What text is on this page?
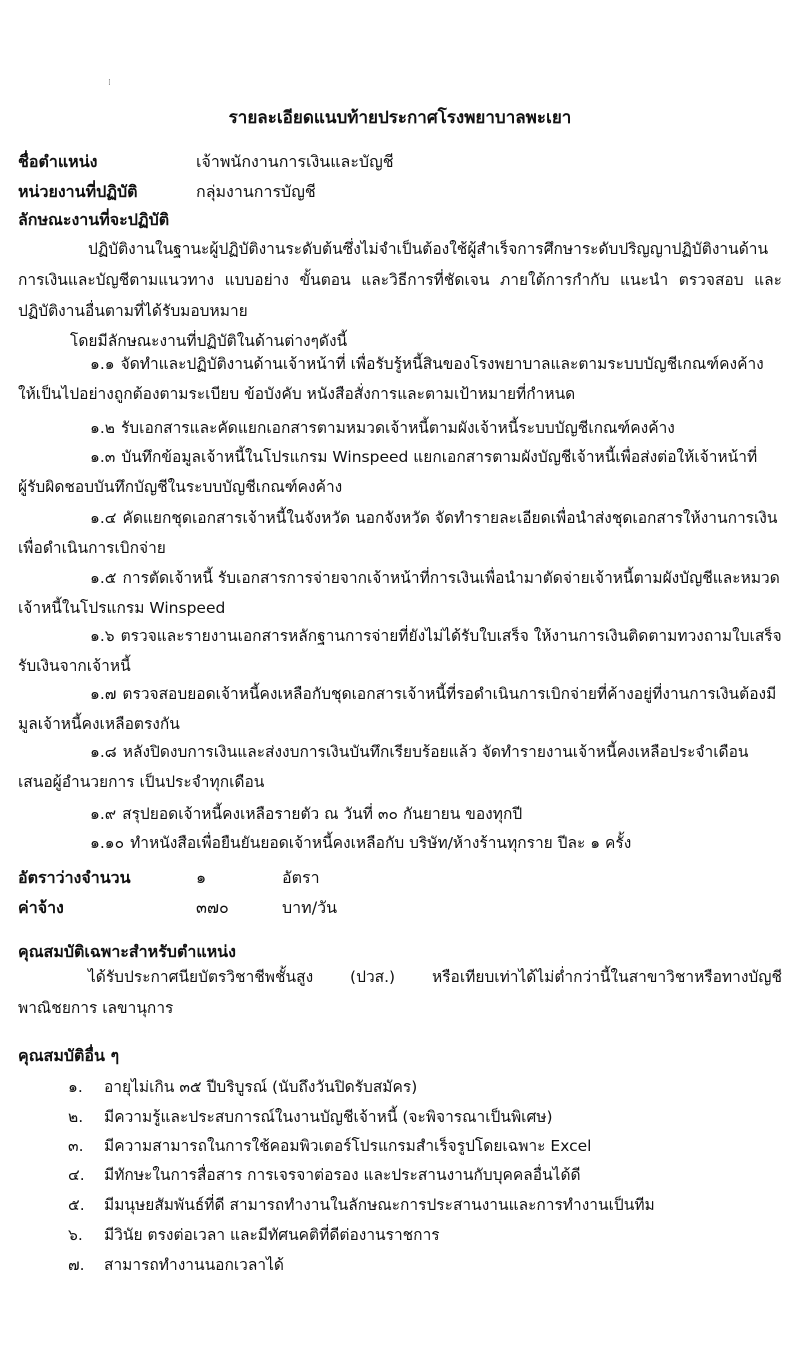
⁞
รายละเอียดแนบท้ายประกาศโรงพยาบาลพะเยา
ชื่อตำแหน่ง	เจ้าพนักงานการเงินและบัญชี
หน่วยงานที่ปฏิบัติ	กลุ่มงานการบัญชี
ลักษณะงานที่จะปฏิบัติ

ปฏิบัติงานในฐานะผู้ปฏิบัติงานระดับต้นซึ่งไม่จำเป็นต้องใช้ผู้สำเร็จการศึกษาระดับปริญญาปฏิบัติงานด้านการเงินและบัญชีตามแนวทาง แบบอย่าง ขั้นตอน และวิธีการที่ชัดเจน ภายใต้การกำกับ แนะนำ ตรวจสอบ และปฏิบัติงานอื่นตามที่ได้รับมอบหมาย

โดยมีลักษณะงานที่ปฏิบัติในด้านต่างๆดังนี้

๑.๑ จัดทำและปฏิบัติงานด้านเจ้าหน้าที่ เพื่อรับรู้หนี้สินของโรงพยาบาลและตามระบบบัญชีเกณฑ์คงค้าง ให้เป็นไปอย่างถูกต้องตามระเบียบ ข้อบังคับ หนังสือสั่งการและตามเป้าหมายที่กำหนด

๑.๒ รับเอกสารและคัดแยกเอกสารตามหมวดเจ้าหนี้ตามผังเจ้าหนี้ระบบบัญชีเกณฑ์คงค้าง

๑.๓ บันทึกข้อมูลเจ้าหนี้ในโปรแกรม Winspeed แยกเอกสารตามผังบัญชีเจ้าหนี้เพื่อส่งต่อให้เจ้าหน้าที่ผู้รับผิดชอบบันทึกบัญชีในระบบบัญชีเกณฑ์คงค้าง

๑.๔ คัดแยกชุดเอกสารเจ้าหนี้ในจังหวัด นอกจังหวัด จัดทำรายละเอียดเพื่อนำส่งชุดเอกสารให้งานการเงินเพื่อดำเนินการเบิกจ่าย

๑.๕ การตัดเจ้าหนี้ รับเอกสารการจ่ายจากเจ้าหน้าที่การเงินเพื่อนำมาตัดจ่ายเจ้าหนี้ตามผังบัญชีและหมวดเจ้าหนี้ในโปรแกรม Winspeed

๑.๖ ตรวจและรายงานเอกสารหลักฐานการจ่ายที่ยังไม่ได้รับใบเสร็จ ให้งานการเงินติดตามทวงถามใบเสร็จรับเงินจากเจ้าหนี้

๑.๗ ตรวจสอบยอดเจ้าหนี้คงเหลือกับชุดเอกสารเจ้าหนี้ที่รอดำเนินการเบิกจ่ายที่ค้างอยู่ที่งานการเงินต้องมีมูลเจ้าหนี้คงเหลือตรงกัน

๑.๘ หลังปิดงบการเงินและส่งงบการเงินบันทึกเรียบร้อยแล้ว จัดทำรายงานเจ้าหนี้คงเหลือประจำเดือนเสนอผู้อำนวยการ เป็นประจำทุกเดือน

๑.๙ สรุปยอดเจ้าหนี้คงเหลือรายตัว ณ วันที่ ๓๐ กันยายน ของทุกปี

๑.๑๐ ทำหนังสือเพื่อยืนยันยอดเจ้าหนี้คงเหลือกับ บริษัท/ห้างร้านทุกราย ปีละ ๑ ครั้ง

อัตราว่างจำนวน	๑	อัตรา
ค่าจ้าง	๓๗๐	บาท/วัน
คุณสมบัติเฉพาะสำหรับตำแหน่ง

ได้รับประกาศนียบัตรวิชาชีพชั้นสูง (ปวส.) หรือเทียบเท่าได้ไม่ต่ำกว่านี้ในสาขาวิชาหรือทางบัญชี พาณิชยการ เลขานุการ

คุณสมบัติอื่น ๆ
๑. อายุไม่เกิน ๓๕ ปีบริบูรณ์ (นับถึงวันปิดรับสมัคร)
๒. มีความรู้และประสบการณ์ในงานบัญชีเจ้าหนี้ (จะพิจารณาเป็นพิเศษ)
๓. มีความสามารถในการใช้คอมพิวเตอร์โปรแกรมสำเร็จรูปโดยเฉพาะ Excel
๔. มีทักษะในการสื่อสาร การเจรจาต่อรอง และประสานงานกับบุคคลอื่นได้ดี
๕. มีมนุษยสัมพันธ์ที่ดี สามารถทำงานในลักษณะการประสานงานและการทำงานเป็นทีม
๖. มีวินัย ตรงต่อเวลา และมีทัศนคติที่ดีต่องานราชการ
๗. สามารถทำงานนอกเวลาได้
